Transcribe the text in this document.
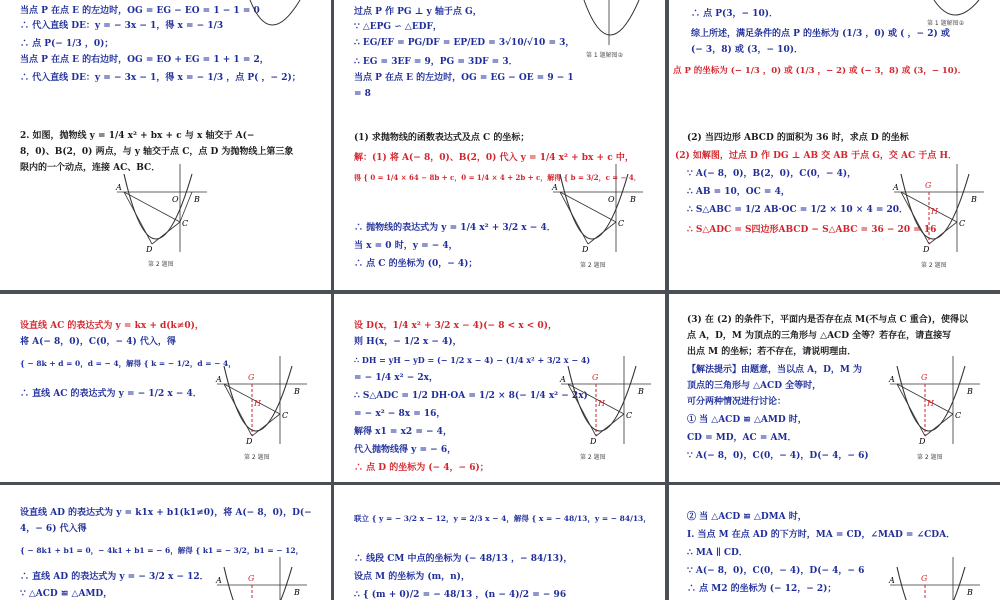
当点 P 在点 E 的左边时，OG = EG − EO = 1 − 1 = 0
∴ 代入直线 DE：y = − 3x − 1，得 x = − 1/3
∴ 点 P(− 1/3 ，0)；
当点 P 在点 E 的右边时，OG = EO + EG = 1 + 1 = 2，
∴ 代入直线 DE：y = − 3x − 1，得 x = − 1/3 ，点 P( ，− 2)；
过点 P 作 PG ⊥ y 轴于点 G，
∵ △EPG ∽ △EDF，
∴ EG/EF = PG/DF = EP/ED = 3√10/√10 = 3，
∴ EG = 3EF = 9，PG = 3DF = 3．
当点 P 在点 E 的左边时，OG = EG − OE = 9 − 1
= 8
第 1 题解图②
∴ 点 P(3，− 10)．
综上所述，满足条件的点 P 的坐标为 (1/3 ，0) 或 ( ，− 2) 或
(− 3，8) 或 (3，− 10)．
点 P 的坐标为 (− 1/3 ，0) 或 (1/3 ，− 2) 或 (− 3，8) 或 (3，− 10)．
第 1 题解图②
2. 如图，抛物线 y = 1/4 x² + bx + c 与 x 轴交于 A(−
8，0)、B(2，0) 两点，与 y 轴交于点 C，点 D 为抛物线上第三象
限内的一个动点，连接 AC、BC．
A
O B
C
D
第 2 题图
(1) 求抛物线的函数表达式及点 C 的坐标；
解：(1) 将 A(− 8，0)、B(2，0) 代入 y = 1/4 x² + bx + c 中，
得 { 0 = 1/4 × 64 − 8b + c，0 = 1/4 × 4 + 2b + c，解得 { b = 3/2，c = − 4．
∴ 抛物线的表达式为 y = 1/4 x² + 3/2 x − 4．
当 x = 0 时，y = − 4，
∴ 点 C 的坐标为 (0，− 4)；
A
O B
C
D
第 2 题图
(2) 当四边形 ABCD 的面积为 36 时，求点 D 的坐标
(2) 如解图，过点 D 作 DG ⊥ AB 交 AB 于点 G，交 AC 于点 H．
∵ A(− 8，0)，B(2，0)，C(0，− 4)，
∴ AB = 10，OC = 4，
∴ S△ABC = 1/2 AB·OC = 1/2 × 10 × 4 = 20．
∴ S△ADC = S四边形ABCD − S△ABC = 36 − 20 = 16
G
H
A
B
C
D
第 2 题图
设直线 AC 的表达式为 y = kx + d(k≠0)，
将 A(− 8，0)，C(0，− 4) 代入，得
{ − 8k + d = 0，d = − 4，解得 { k = − 1/2，d = − 4，
∴ 直线 AC 的表达式为 y = − 1/2 x − 4．
G
H
A
B
C
D
第 2 题图
设 D(x，1/4 x² + 3/2 x − 4)(− 8 < x < 0)，
则 H(x，− 1/2 x − 4)，
∴ DH = yH − yD = (− 1/2 x − 4) − (1/4 x² + 3/2 x − 4)
= − 1/4 x² − 2x，
∴ S△ADC = 1/2 DH·OA = 1/2 × 8(− 1/4 x² − 2x)
= − x² − 8x = 16，
解得 x1 = x2 = − 4，
代入抛物线得 y = − 6，
∴ 点 D 的坐标为 (− 4，− 6)；
G
H
A
B
C
D
第 2 题图
(3) 在 (2) 的条件下，平面内是否存在点 M(不与点 C 重合)，使得以
点 A，D，M 为顶点的三角形与 △ACD 全等？若存在，请直接写
出点 M 的坐标；若不存在，请说明理由．
【解法提示】由题意，当以点 A，D，M 为
顶点的三角形与 △ACD 全等时，
可分两种情况进行讨论：
① 当 △ACD ≌ △AMD 时，
CD = MD，AC = AM．
∵ A(− 8，0)，C(0，− 4)，D(− 4，− 6)
G
H
A
B
C
D
第 2 题图
设直线 AD 的表达式为 y = k1x + b1(k1≠0)，将 A(− 8，0)，D(−
4，− 6) 代入得
{ − 8k1 + b1 = 0，− 4k1 + b1 = − 6，解得 { k1 = − 3/2，b1 = − 12，
∴ 直线 AD 的表达式为 y = − 3/2 x − 12．
∵ △ACD ≌ △AMD，
G
A
B
联立 { y = − 3/2 x − 12，y = 2/3 x − 4，解得 { x = − 48/13，y = − 84/13，
∴ 线段 CM 中点的坐标为 (− 48/13 ，− 84/13)，
设点 M 的坐标为 (m，n)，
∴ { (m + 0)/2 = − 48/13 ，(n − 4)/2 = − 96
② 当 △ACD ≌ △DMA 时，
Ⅰ. 当点 M 在点 AD 的下方时，MA = CD，∠MAD = ∠CDA．
∴ MA ∥ CD．
∵ A(− 8，0)，C(0，− 4)，D(− 4，− 6
∴ 点 M2 的坐标为 (− 12，− 2)；
G
A
B
